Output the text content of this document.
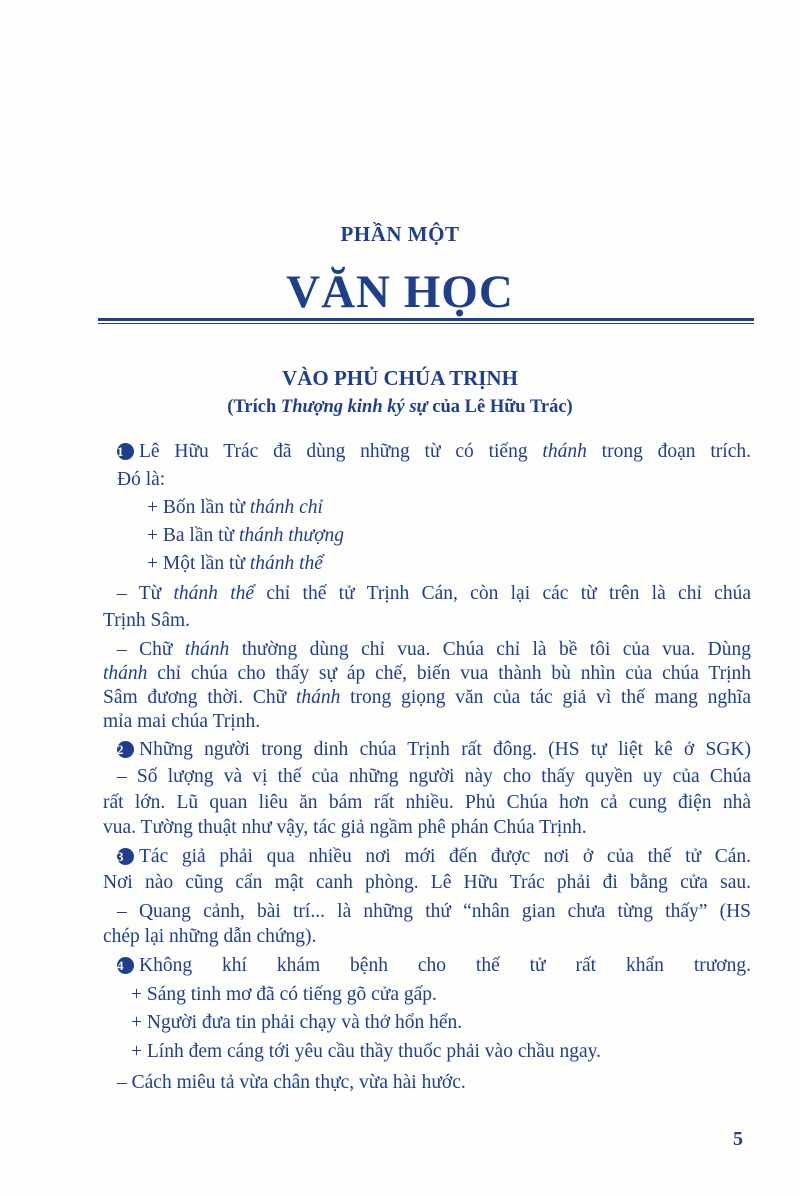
PHẦN MỘT
VĂN HỌC
VÀO PHỦ CHÚA TRỊNH
(Trích Thượng kinh ký sự của Lê Hữu Trác)
1 Lê Hữu Trác đã dùng những từ có tiếng thánh trong đoạn trích.
Đó là:
+ Bốn lần từ thánh chỉ
+ Ba lần từ thánh thượng
+ Một lần từ thánh thể
– Từ thánh thể chỉ thế tử Trịnh Cán, còn lại các từ trên là chỉ chúa
Trịnh Sâm.
– Chữ thánh thường dùng chỉ vua. Chúa chỉ là bề tôi của vua. Dùng
thánh chỉ chúa cho thấy sự áp chế, biến vua thành bù nhìn của chúa Trịnh
Sâm đương thời. Chữ thánh trong giọng văn của tác giả vì thế mang nghĩa
mỉa mai chúa Trịnh.
2 Những người trong dinh chúa Trịnh rất đông. (HS tự liệt kê ở SGK)
– Số lượng và vị thế của những người này cho thấy quyền uy của Chúa
rất lớn. Lũ quan liêu ăn bám rất nhiều. Phủ Chúa hơn cả cung điện nhà
vua. Tường thuật như vậy, tác giả ngầm phê phán Chúa Trịnh.
3 Tác giả phải qua nhiều nơi mới đến được nơi ở của thế tử Cán.
Nơi nào cũng cẩn mật canh phòng. Lê Hữu Trác phải đi bằng cửa sau.
– Quang cảnh, bài trí... là những thứ “nhân gian chưa từng thấy” (HS
chép lại những dẫn chứng).
4 Không khí khám bệnh cho thế tử rất khẩn trương.
+ Sáng tinh mơ đã có tiếng gõ cửa gấp.
+ Người đưa tin phải chạy và thở hổn hển.
+ Lính đem cáng tới yêu cầu thầy thuốc phải vào chầu ngay.
– Cách miêu tả vừa chân thực, vừa hài hước.
5
